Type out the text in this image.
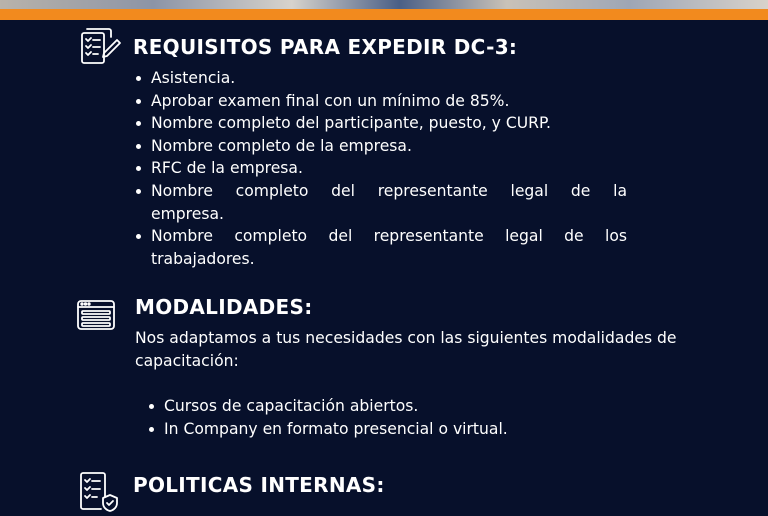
REQUISITOS PARA EXPEDIR DC-3:
Asistencia.
Aprobar examen final con un mínimo de 85%.
Nombre completo del participante, puesto, y CURP.
Nombre completo de la empresa.
RFC de la empresa.
Nombre completo del representante legal de la
empresa.
Nombre completo del representante legal de los
trabajadores.
MODALIDADES:

Nos adaptamos a tus necesidades con las siguientes modalidades de capacitación:

Cursos de capacitación abiertos.
In Company en formato presencial o virtual.
POLITICAS INTERNAS:
